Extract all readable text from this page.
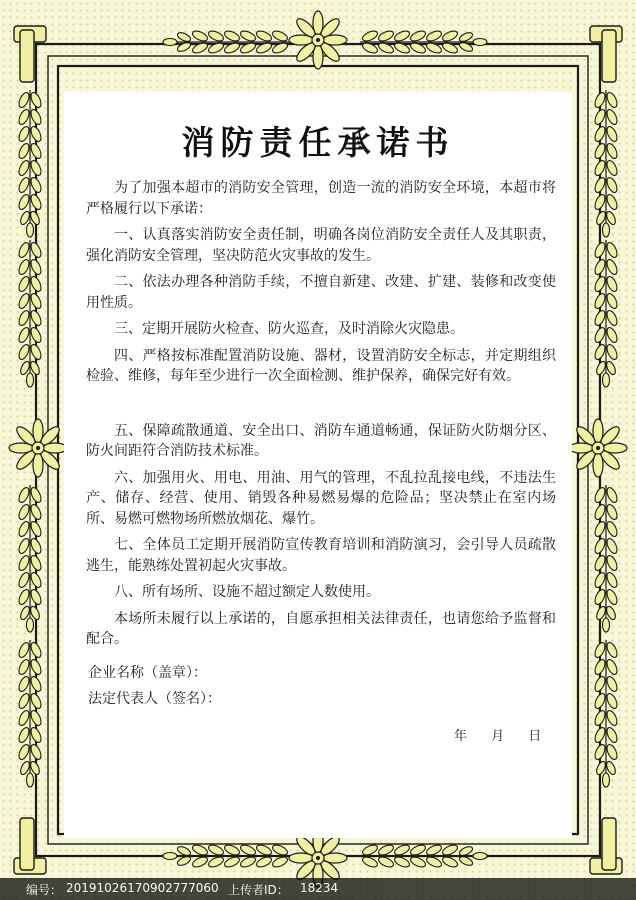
消防责任承诺书

为了加强本超市的消防安全管理，创造一流的消防安全环境，本超市将严格履行以下承诺：

一、认真落实消防安全责任制，明确各岗位消防安全责任人及其职责，强化消防安全管理，坚决防范火灾事故的发生。

二、依法办理各种消防手续，不擅自新建、改建、扩建、装修和改变使用性质。

三、定期开展防火检查、防火巡查，及时消除火灾隐患。

四、严格按标准配置消防设施、器材，设置消防安全标志，并定期组织检验、维修，每年至少进行一次全面检测、维护保养，确保完好有效。

五、保障疏散通道、安全出口、消防车通道畅通，保证防火防烟分区、防火间距符合消防技术标准。

六、加强用火、用电、用油、用气的管理，不乱拉乱接电线，不违法生产、储存、经营、使用、销毁各种易燃易爆的危险品；坚决禁止在室内场所、易燃可燃物场所燃放烟花、爆竹。

七、全体员工定期开展消防宣传教育培训和消防演习，会引导人员疏散逃生，能熟练处置初起火灾事故。

八、所有场所、设施不超过额定人数使用。

本场所未履行以上承诺的，自愿承担相关法律责任，也请您给予监督和配合。

企业名称（盖章）：
法定代表人（签名）：
年 月 日
编号： 20191026170902777060 上传者ID： 18234
